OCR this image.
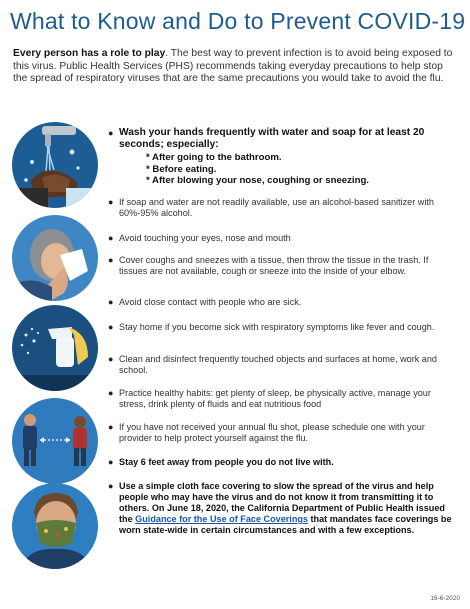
What to Know and Do to Prevent COVID-19
Every person has a role to play. The best way to prevent infection is to avoid being exposed to this virus. Public Health Services (PHS) recommends taking everyday precautions to help stop the spread of respiratory viruses that are the same precautions you would take to avoid the flu.
● Wash your hands frequently with water and soap for at least 20 seconds; especially:
* After going to the bathroom.
* Before eating.
* After blowing your nose, coughing or sneezing.
● If soap and water are not readily available, use an alcohol-based sanitizer with 60%-95% alcohol.
● Avoid touching your eyes, nose and mouth
● Cover coughs and sneezes with a tissue, then throw the tissue in the trash. If tissues are not available, cough or sneeze into the inside of your elbow.
● Avoid close contact with people who are sick.
● Stay home if you become sick with respiratory symptoms like fever and cough.
● Clean and disinfect frequently touched objects and surfaces at home, work and school.
● Practice healthy habits: get plenty of sleep, be physically active, manage your stress, drink plenty of fluids and eat nutritious food
● If you have not received your annual flu shot, please schedule one with your provider to help protect yourself against the flu.
● Stay 6 feet away from people you do not live with.
● Use a simple cloth face covering to slow the spread of the virus and help people who may have the virus and do not know it from transmitting it to others. On June 18, 2020, the California Department of Public Health issued the Guidance for the Use of Face Coverings that mandates face coverings be worn state-wide in certain circumstances and with a few exceptions.
16-6-2020
